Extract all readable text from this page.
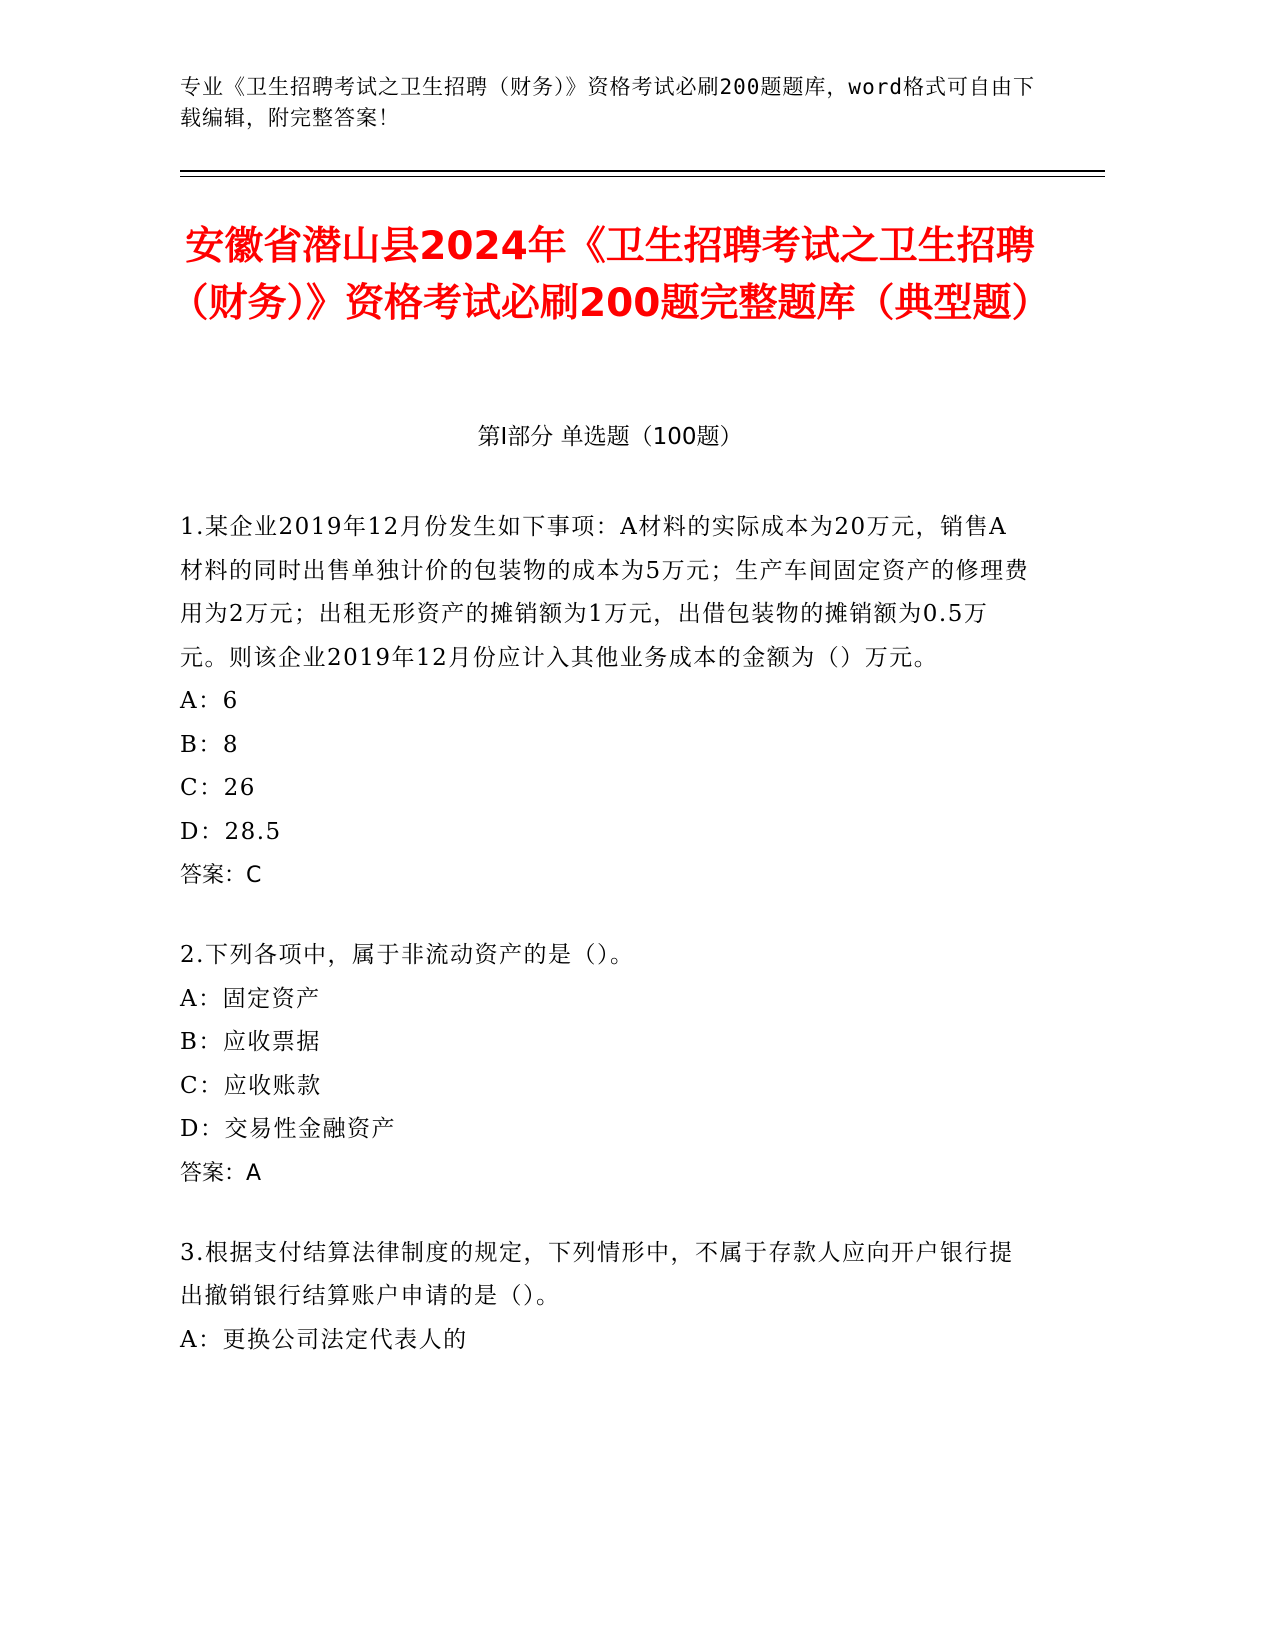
专业《卫生招聘考试之卫生招聘（财务）》资格考试必刷200题题库，word格式可自由下载编辑，附完整答案！
安徽省潜山县2024年《卫生招聘考试之卫生招聘（财务）》资格考试必刷200题完整题库（典型题）
第I部分 单选题（100题）

1.某企业2019年12月份发生如下事项：A材料的实际成本为20万元，销售A材料的同时出售单独计价的包装物的成本为5万元；生产车间固定资产的修理费用为2万元；出租无形资产的摊销额为1万元，出借包装物的摊销额为0.5万元。则该企业2019年12月份应计入其他业务成本的金额为（）万元。

A：6

B：8

C：26

D：28.5

答案：C

2.下列各项中，属于非流动资产的是（）。

A：固定资产

B：应收票据

C：应收账款

D：交易性金融资产

答案：A

3.根据支付结算法律制度的规定，下列情形中，不属于存款人应向开户银行提出撤销银行结算账户申请的是（）。

A：更换公司法定代表人的
